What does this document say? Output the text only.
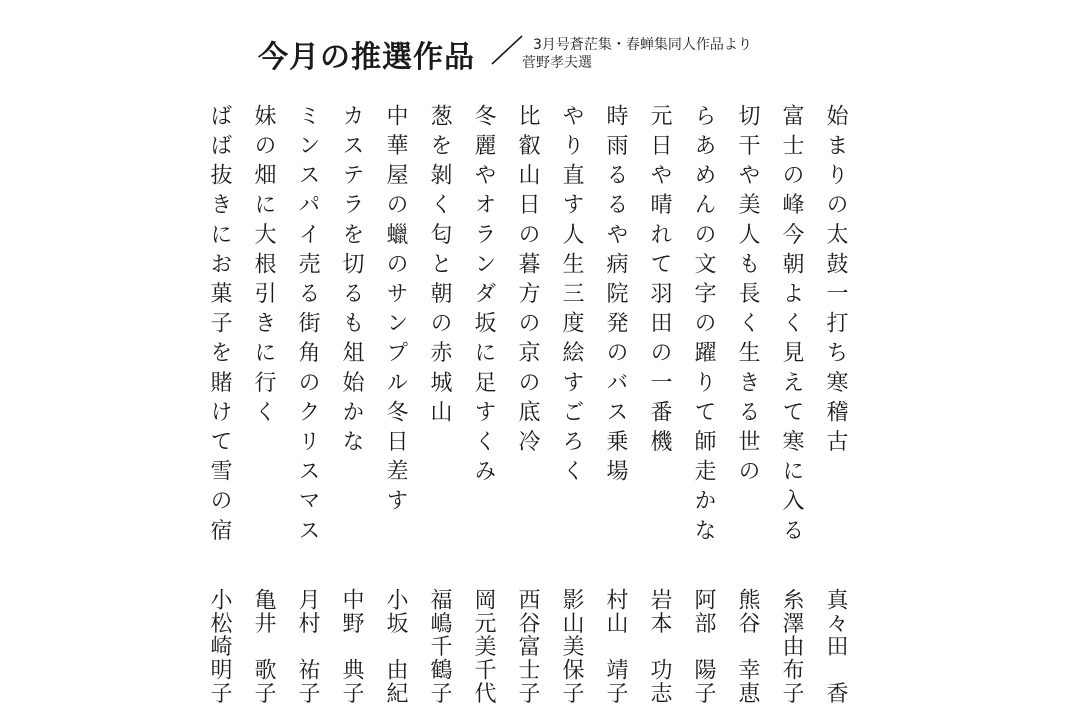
今月の推選作品	3月号蒼茫集・春蝉集同人作品より
菅野孝夫選
始まりの太鼓一打ち寒稽古
真々田　香
富士の峰今朝よく見えて寒に入る
糸澤由布子
切干や美人も長く生きる世の
熊谷　幸恵
らあめんの文字の躍りて師走かな
阿部　陽子
元日や晴れて羽田の一番機
岩本　功志
時雨るるや病院発のバス乗場
村山　靖子
やり直す人生三度絵すごろく
影山美保子
比叡山日の暮方の京の底冷
西谷富士子
冬麗やオランダ坂に足すくみ
岡元美千代
葱を剝く匂と朝の赤城山
福嶋千鶴子
中華屋の蠟のサンプル冬日差す
小坂　由紀
カステラを切るも俎始かな
中野　典子
ミンスパイ売る街角のクリスマス
月村　祐子
妹の畑に大根引きに行く
亀井　歌子
ばば抜きにお菓子を賭けて雪の宿
小松崎明子
